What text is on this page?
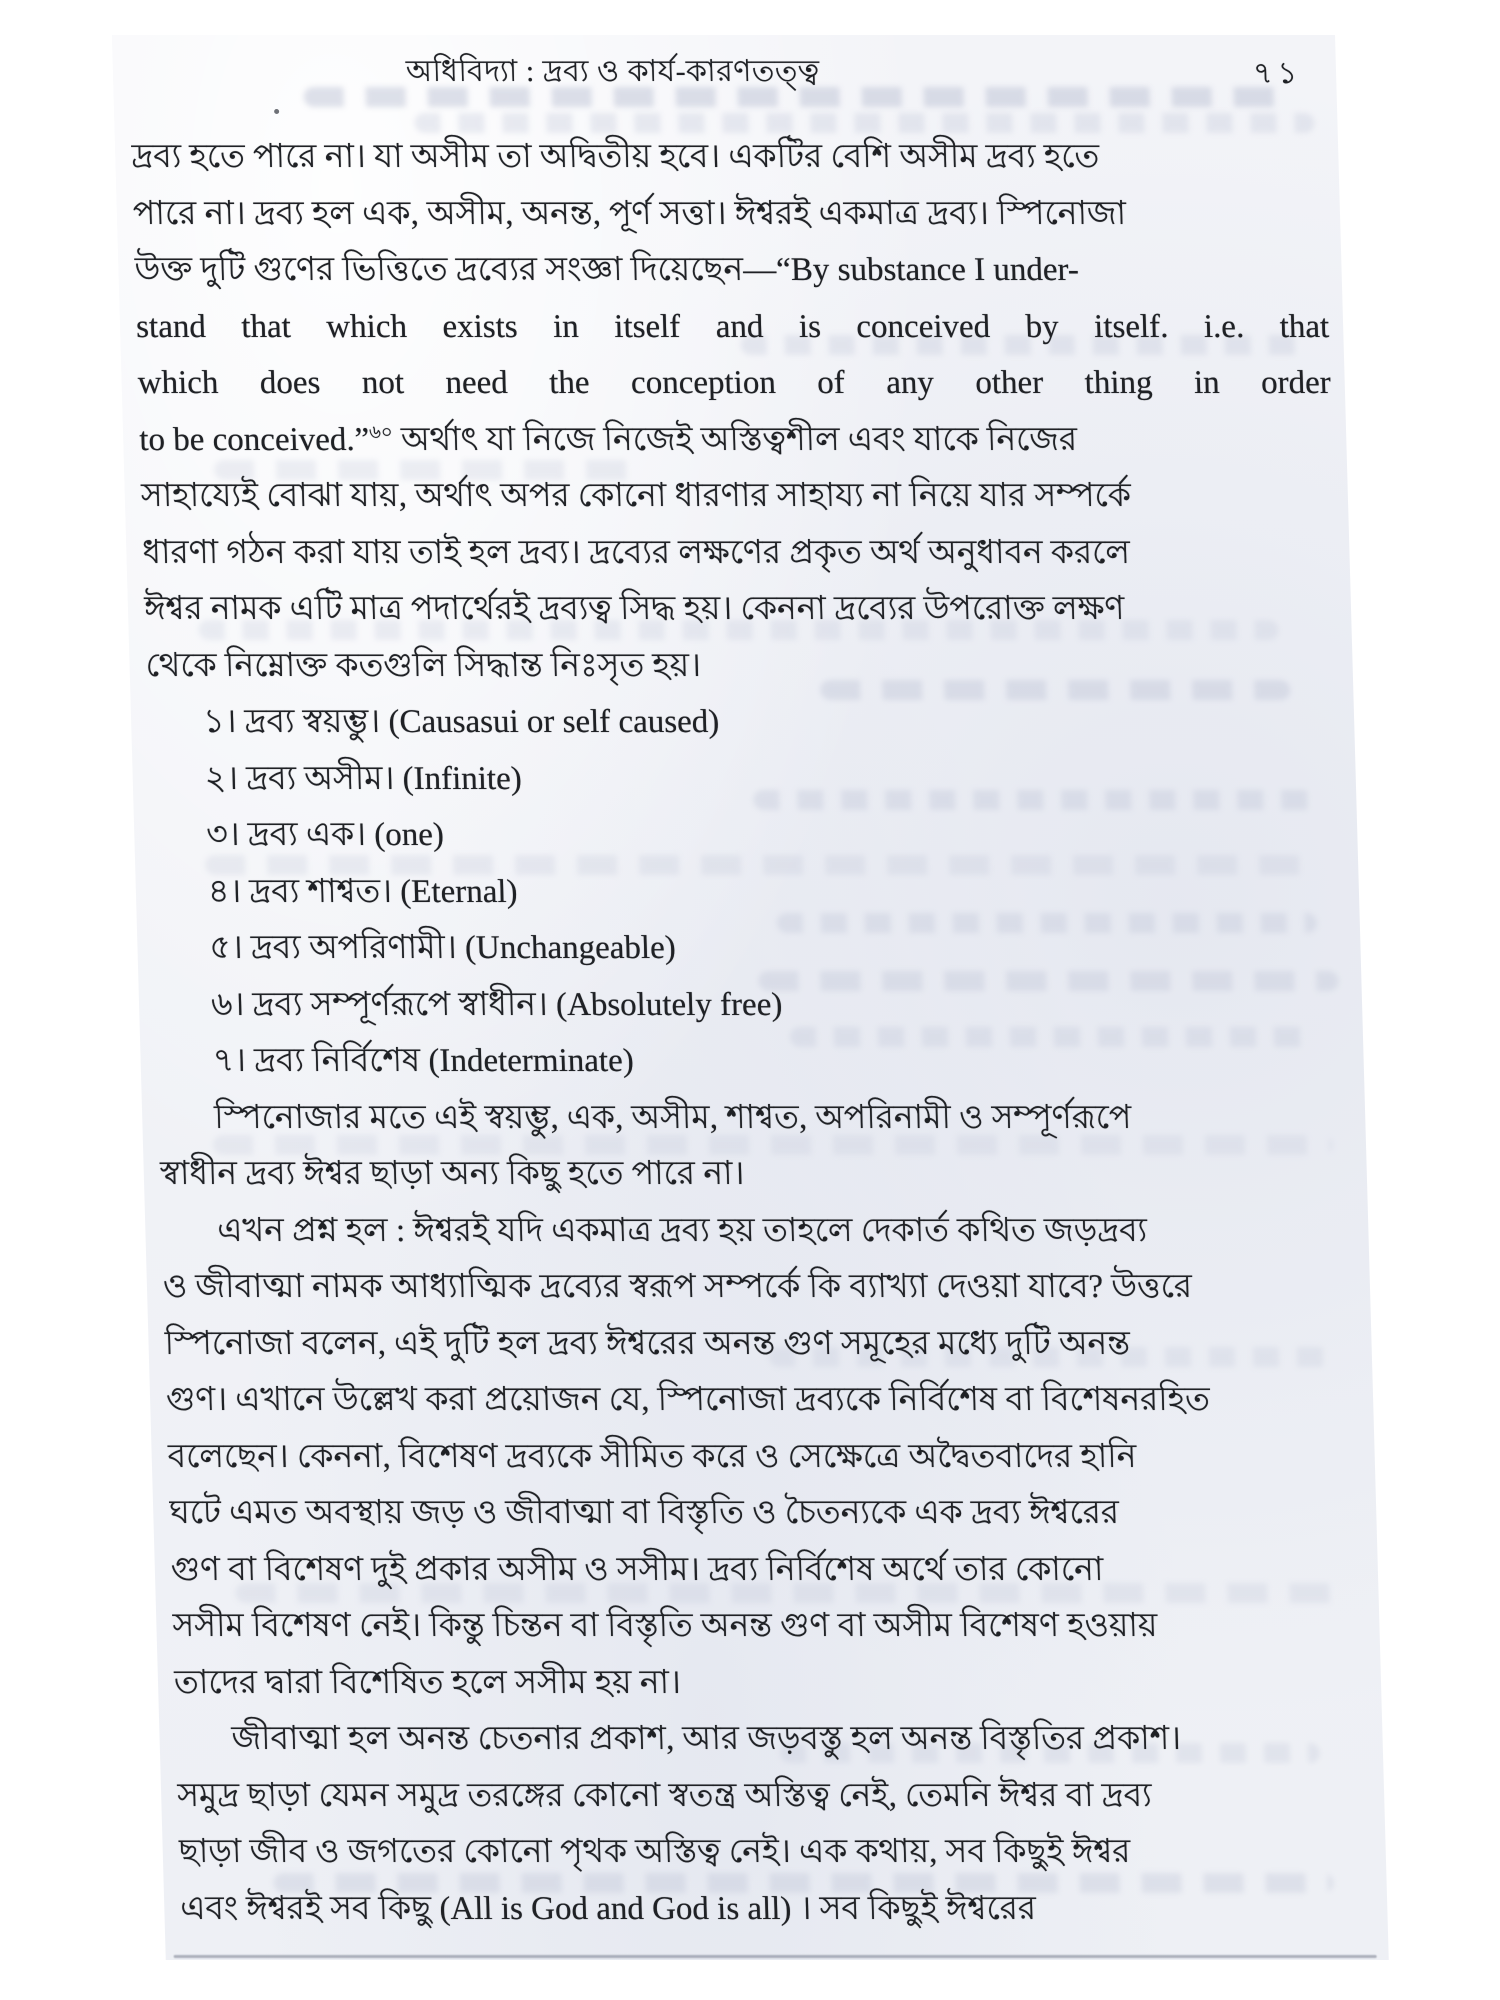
অধিবিদ্যা : দ্রব্য ও কার্য-কারণতত্ত্ব	৭১
দ্রব্য হতে পারে না। যা অসীম তা অদ্বিতীয় হবে। একটির বেশি অসীম দ্রব্য হতে
পারে না। দ্রব্য হল এক, অসীম, অনন্ত, পূর্ণ সত্তা। ঈশ্বরই একমাত্র দ্রব্য। স্পিনোজা
উক্ত দুটি গুণের ভিত্তিতে দ্রব্যের সংজ্ঞা দিয়েছেন—“By substance I under-
stand that which exists in itself and is conceived by itself. i.e. that
which does not need the conception of any other thing in order
to be conceived.”$^{৬০}$ অর্থাৎ যা নিজে নিজেই অস্তিত্বশীল এবং যাকে নিজের
সাহায্যেই বোঝা যায়, অর্থাৎ অপর কোনো ধারণার সাহায্য না নিয়ে যার সম্পর্কে
ধারণা গঠন করা যায় তাই হল দ্রব্য। দ্রব্যের লক্ষণের প্রকৃত অর্থ অনুধাবন করলে
ঈশ্বর নামক এটি মাত্র পদার্থেরই দ্রব্যত্ব সিদ্ধ হয়। কেননা দ্রব্যের উপরোক্ত লক্ষণ
থেকে নিম্নোক্ত কতগুলি সিদ্ধান্ত নিঃসৃত হয়।
১। দ্রব্য স্বয়ম্ভু। (Causasui or self caused)
২। দ্রব্য অসীম। (Infinite)
৩। দ্রব্য এক। (one)
৪। দ্রব্য শাশ্বত। (Eternal)
৫। দ্রব্য অপরিণামী। (Unchangeable)
৬। দ্রব্য সম্পূর্ণরূপে স্বাধীন। (Absolutely free)
৭। দ্রব্য নির্বিশেষ (Indeterminate)
স্পিনোজার মতে এই স্বয়ম্ভু, এক, অসীম, শাশ্বত, অপরিনামী ও সম্পূর্ণরূপে
স্বাধীন দ্রব্য ঈশ্বর ছাড়া অন্য কিছু হতে পারে না।
এখন প্রশ্ন হল : ঈশ্বরই যদি একমাত্র দ্রব্য হয় তাহলে দেকার্ত কথিত জড়দ্রব্য
ও জীবাত্মা নামক আধ্যাত্মিক দ্রব্যের স্বরূপ সম্পর্কে কি ব্যাখ্যা দেওয়া যাবে? উত্তরে
স্পিনোজা বলেন, এই দুটি হল দ্রব্য ঈশ্বরের অনন্ত গুণ সমূহের মধ্যে দুটি অনন্ত
গুণ। এখানে উল্লেখ করা প্রয়োজন যে, স্পিনোজা দ্রব্যকে নির্বিশেষ বা বিশেষনরহিত
বলেছেন। কেননা, বিশেষণ দ্রব্যকে সীমিত করে ও সেক্ষেত্রে অদ্বৈতবাদের হানি
ঘটে এমত অবস্থায় জড় ও জীবাত্মা বা বিস্তৃতি ও চৈতন্যকে এক দ্রব্য ঈশ্বরের
গুণ বা বিশেষণ দুই প্রকার অসীম ও সসীম। দ্রব্য নির্বিশেষ অর্থে তার কোনো
সসীম বিশেষণ নেই। কিন্তু চিন্তন বা বিস্তৃতি অনন্ত গুণ বা অসীম বিশেষণ হওয়ায়
তাদের দ্বারা বিশেষিত হলে সসীম হয় না।
জীবাত্মা হল অনন্ত চেতনার প্রকাশ, আর জড়বস্তু হল অনন্ত বিস্তৃতির প্রকাশ।
সমুদ্র ছাড়া যেমন সমুদ্র তরঙ্গের কোনো স্বতন্ত্র অস্তিত্ব নেই, তেমনি ঈশ্বর বা দ্রব্য
ছাড়া জীব ও জগতের কোনো পৃথক অস্তিত্ব নেই। এক কথায়, সব কিছুই ঈশ্বর
এবং ঈশ্বরই সব কিছু (All is God and God is all) । সব কিছুই ঈশ্বরের
